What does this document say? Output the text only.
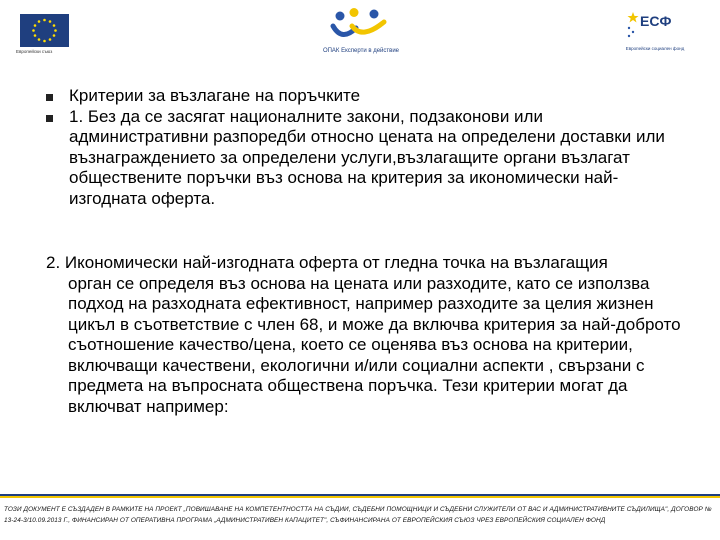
Европейски съюз	ОПАК Експерти в действие
ЕСФ
Европейски социален фонд
Критерии за възлагане на поръчките
1. Без да се засягат националните закони, подзаконови или административни разпоредби относно цената на определени доставки или възнаграждението за определени услуги,възлагащите органи възлагат обществените поръчки въз основа на критерия за икономически най-изгодната оферта.
2. Икономически най-изгодната оферта от гледна точка на възлагащия
орган се определя въз основа на цената или разходите, като се използва подход на разходната ефективност, например разходите за целия жизнен цикъл в съответствие с член 68, и може да включва критерия за най-доброто съотношение качество/цена, което се оценява въз основа на критерии, включващи качествени, екологични и/или социални аспекти , свързани с предмета на въпросната обществена поръчка. Тези критерии могат да включват например:
ТОЗИ ДОКУМЕНТ Е СЪЗДАДЕН В РАМКИТЕ НА ПРОЕКТ „ПОВИШАВАНЕ НА КОМПЕТЕНТНОСТТА НА СЪДИИ, СЪДЕБНИ ПОМОЩНИЦИ И СЪДЕБНИ СЛУЖИТЕЛИ ОТ ВАС И АДМИНИСТРАТИВНИТЕ СЪДИЛИЩА", ДОГОВОР № 13-24-3/10.09.2013 Г., ФИНАНСИРАН ОТ ОПЕРАТИВНА ПРОГРАМА „АДМИНИСТРАТИВЕН КАПАЦИТЕТ", СЪФИНАНСИРАНА ОТ ЕВРОПЕЙСКИЯ СЪЮЗ ЧРЕЗ ЕВРОПЕЙСКИЯ СОЦИАЛЕН ФОНД
